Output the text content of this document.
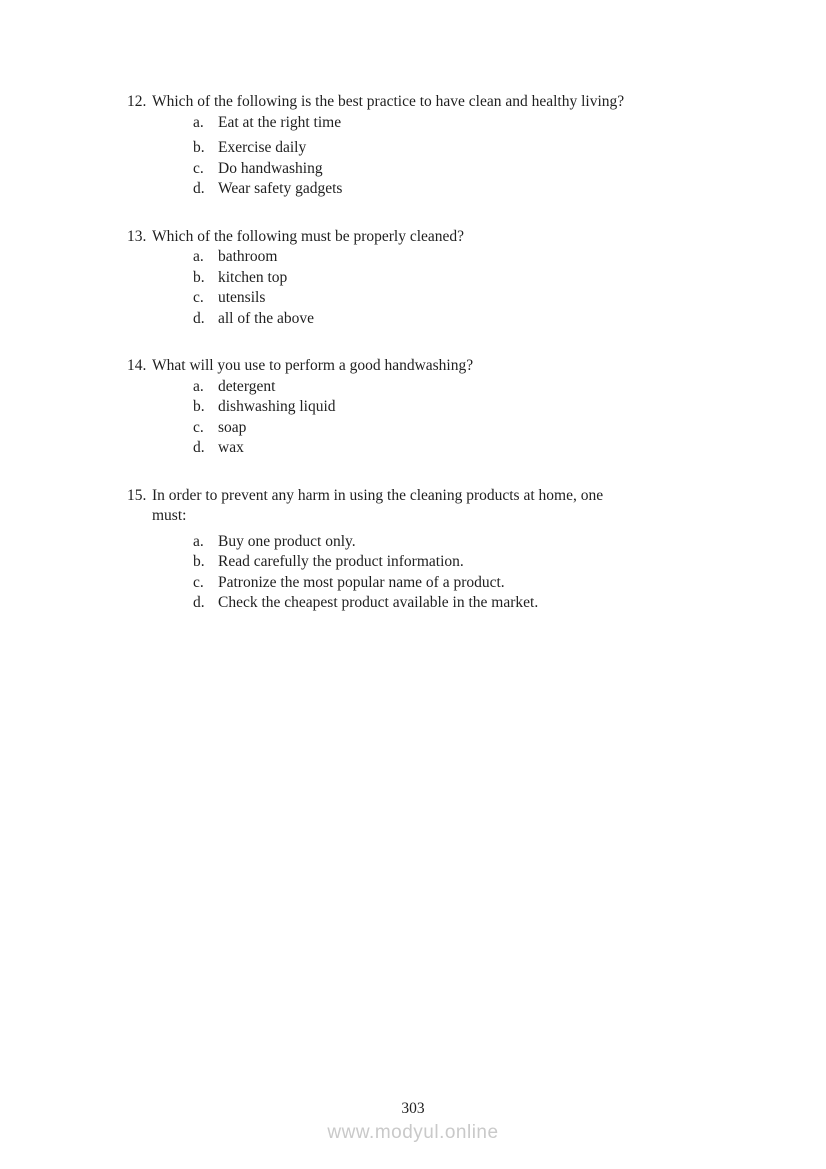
12. Which of the following is the best practice to have clean and healthy living?
a. Eat at the right time
b. Exercise daily
c. Do handwashing
d. Wear safety gadgets
13. Which of the following must be properly cleaned?
a. bathroom
b. kitchen top
c. utensils
d. all of the above
14. What will you use to perform a good handwashing?
a. detergent
b. dishwashing liquid
c. soap
d. wax
15. In order to prevent any harm in using the cleaning products at home, one
must:
a. Buy one product only.
b. Read carefully the product information.
c. Patronize the most popular name of a product.
d. Check the cheapest product available in the market.
303
www.modyul.online
